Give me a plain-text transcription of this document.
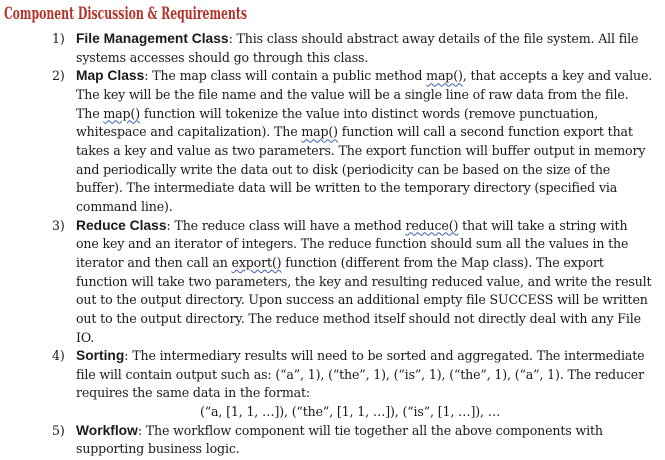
Component Discussion & Requirements
1) File Management Class: This class should abstract away details of the file system. All file systems accesses should go through this class.
2) Map Class: The map class will contain a public method map(), that accepts a key and value. The key will be the file name and the value will be a single line of raw data from the file. The map() function will tokenize the value into distinct words (remove punctuation, whitespace and capitalization). The map() function will call a second function export that takes a key and value as two parameters. The export function will buffer output in memory and periodically write the data out to disk (periodicity can be based on the size of the buffer). The intermediate data will be written to the temporary directory (specified via command line).
3) Reduce Class: The reduce class will have a method reduce() that will take a string with one key and an iterator of integers. The reduce function should sum all the values in the iterator and then call an export() function (different from the Map class). The export function will take two parameters, the key and resulting reduced value, and write the result out to the output directory. Upon success an additional empty file SUCCESS will be written out to the output directory. The reduce method itself should not directly deal with any File IO.
4) Sorting: The intermediary results will need to be sorted and aggregated. The intermediate file will contain output such as: (“a”, 1), (“the”, 1), (“is”, 1), (“the”, 1), (“a”, 1). The reducer requires the same data in the format:
(“a, [1, 1, …]), (“the”, [1, 1, …]), (“is”, [1, …]), …
5) Workflow: The workflow component will tie together all the above components with supporting business logic.
